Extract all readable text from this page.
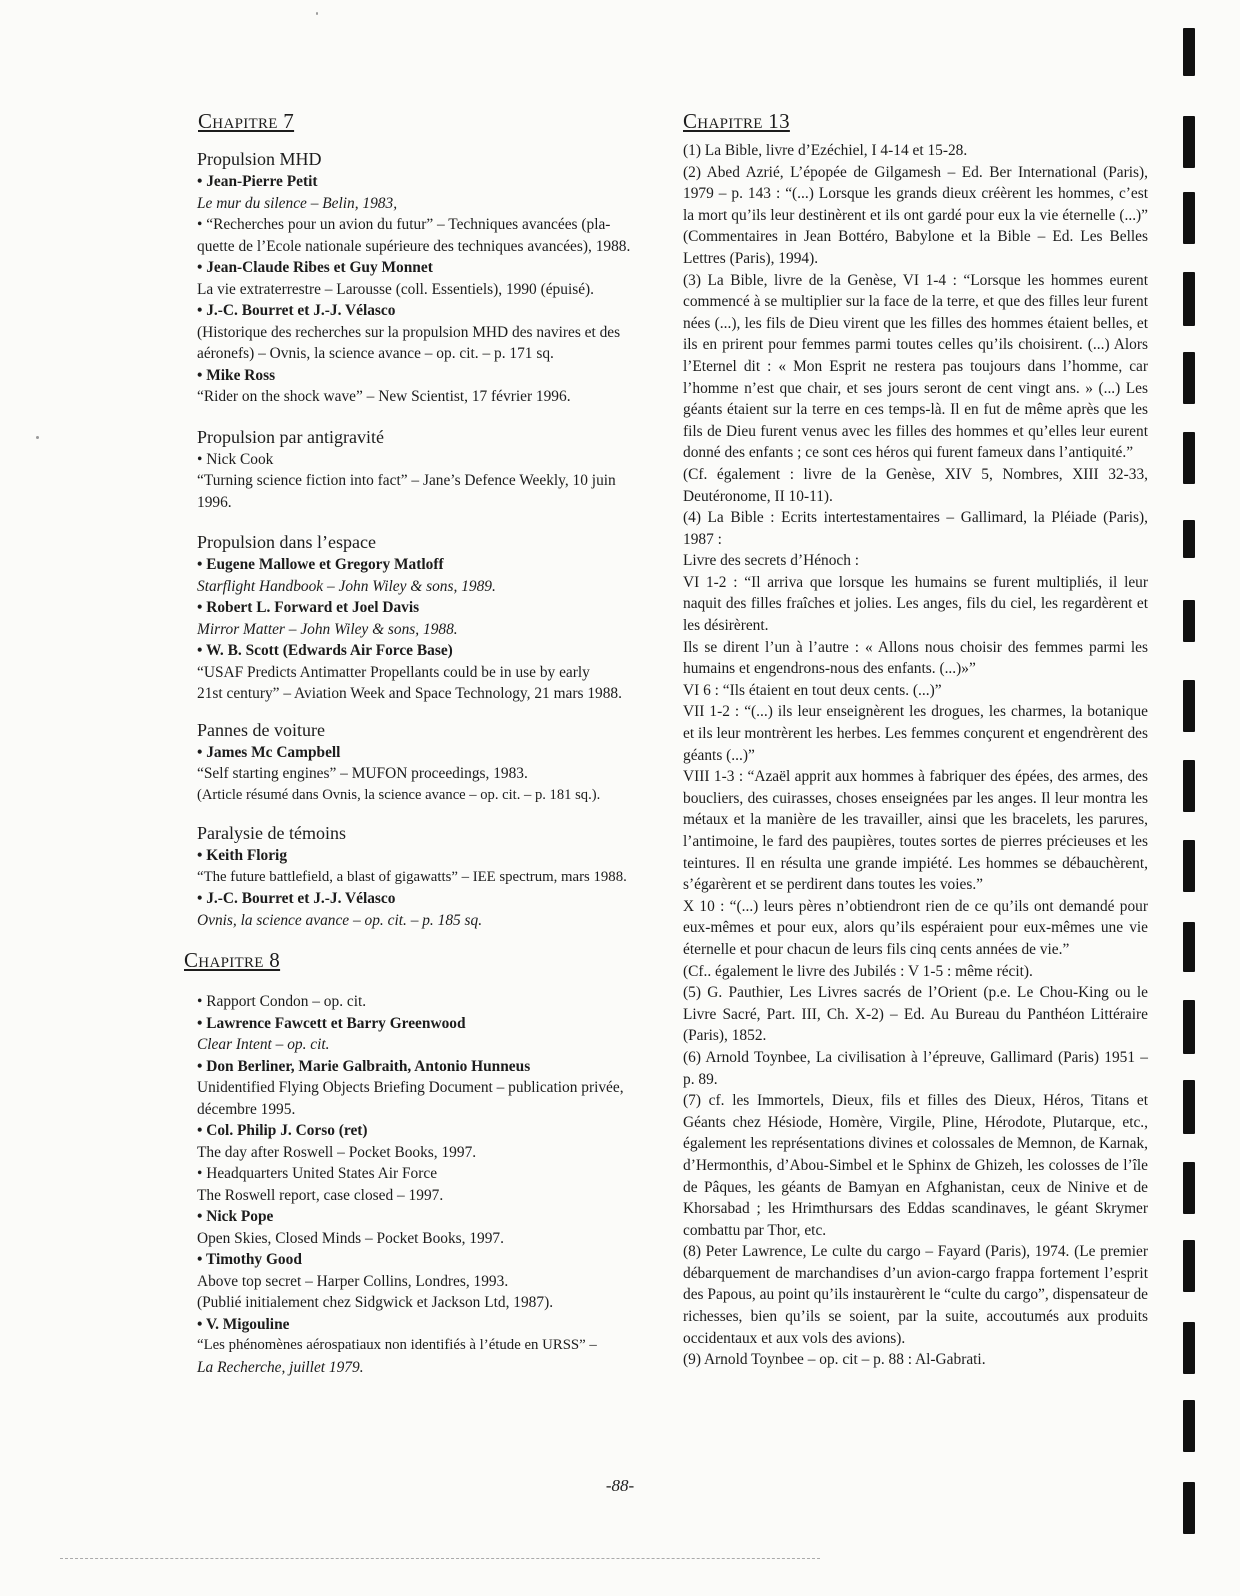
Chapitre 7
Propulsion MHD
• Jean-Pierre Petit
Le mur du silence – Belin, 1983,
• “Recherches pour un avion du futur” – Techniques avancées (pla-
quette de l’Ecole nationale supérieure des techniques avancées), 1988.
• Jean-Claude Ribes et Guy Monnet
La vie extraterrestre – Larousse (coll. Essentiels), 1990 (épuisé).
• J.-C. Bourret et J.-J. Vélasco
(Historique des recherches sur la propulsion MHD des navires et des
aéronefs) – Ovnis, la science avance – op. cit. – p. 171 sq.
• Mike Ross
“Rider on the shock wave” – New Scientist, 17 février 1996.
Propulsion par antigravité
• Nick Cook
“Turning science fiction into fact” – Jane’s Defence Weekly, 10 juin
1996.
Propulsion dans l’espace
• Eugene Mallowe et Gregory Matloff
Starflight Handbook – John Wiley & sons, 1989.
• Robert L. Forward et Joel Davis
Mirror Matter – John Wiley & sons, 1988.
• W. B. Scott (Edwards Air Force Base)
“USAF Predicts Antimatter Propellants could be in use by early
21st century” – Aviation Week and Space Technology, 21 mars 1988.
Pannes de voiture
• James Mc Campbell
“Self starting engines” – MUFON proceedings, 1983.
(Article résumé dans Ovnis, la science avance – op. cit. – p. 181 sq.).
Paralysie de témoins
• Keith Florig
“The future battlefield, a blast of gigawatts” – IEE spectrum, mars 1988.
• J.-C. Bourret et J.-J. Vélasco
Ovnis, la science avance – op. cit. – p. 185 sq.
Chapitre 8
• Rapport Condon – op. cit.
• Lawrence Fawcett et Barry Greenwood
Clear Intent – op. cit.
• Don Berliner, Marie Galbraith, Antonio Hunneus
Unidentified Flying Objects Briefing Document – publication privée,
décembre 1995.
• Col. Philip J. Corso (ret)
The day after Roswell – Pocket Books, 1997.
• Headquarters United States Air Force
The Roswell report, case closed – 1997.
• Nick Pope
Open Skies, Closed Minds – Pocket Books, 1997.
• Timothy Good
Above top secret – Harper Collins, Londres, 1993.
(Publié initialement chez Sidgwick et Jackson Ltd, 1987).
• V. Migouline
“Les phénomènes aérospatiaux non identifiés à l’étude en URSS” –
La Recherche, juillet 1979.
Chapitre 13

(1) La Bible, livre d’Ezéchiel, I 4-14 et 15-28.

(2) Abed Azrié, L’épopée de Gilgamesh – Ed. Ber International (Paris), 1979 – p. 143 : “(...) Lorsque les grands dieux créèrent les hommes, c’est la mort qu’ils leur destinèrent et ils ont gardé pour eux la vie éternelle (...)” (Commentaires in Jean Bottéro, Babylone et la Bible – Ed. Les Belles Lettres (Paris), 1994).

(3) La Bible, livre de la Genèse, VI 1-4 : “Lorsque les hommes eurent commencé à se multiplier sur la face de la terre, et que des filles leur furent nées (...), les fils de Dieu virent que les filles des hommes étaient belles, et ils en prirent pour femmes parmi toutes celles qu’ils choisirent. (...) Alors l’Eternel dit : « Mon Esprit ne restera pas toujours dans l’homme, car l’homme n’est que chair, et ses jours seront de cent vingt ans. » (...) Les géants étaient sur la terre en ces temps-là. Il en fut de même après que les fils de Dieu furent venus avec les filles des hommes et qu’elles leur eurent donné des enfants ; ce sont ces héros qui furent fameux dans l’antiquité.”

(Cf. également : livre de la Genèse, XIV 5, Nombres, XIII 32-33, Deutéronome, II 10-11).

(4) La Bible : Ecrits intertestamentaires – Gallimard, la Pléiade (Paris), 1987 :

Livre des secrets d’Hénoch :

VI 1-2 : “Il arriva que lorsque les humains se furent multipliés, il leur naquit des filles fraîches et jolies. Les anges, fils du ciel, les regardèrent et les désirèrent.

Ils se dirent l’un à l’autre : « Allons nous choisir des femmes parmi les humains et engendrons-nous des enfants. (...)»”

VI 6 : “Ils étaient en tout deux cents. (...)”

VII 1-2 : “(...) ils leur enseignèrent les drogues, les charmes, la botanique et ils leur montrèrent les herbes. Les femmes conçurent et engendrèrent des géants (...)”

VIII 1-3 : “Azaël apprit aux hommes à fabriquer des épées, des armes, des boucliers, des cuirasses, choses enseignées par les anges. Il leur montra les métaux et la manière de les travailler, ainsi que les bracelets, les parures, l’antimoine, le fard des paupières, toutes sortes de pierres précieuses et les teintures. Il en résulta une grande impiété. Les hommes se débauchèrent, s’égarèrent et se perdirent dans toutes les voies.”

X 10 : “(...) leurs pères n’obtiendront rien de ce qu’ils ont demandé pour eux-mêmes et pour eux, alors qu’ils espéraient pour eux-mêmes une vie éternelle et pour chacun de leurs fils cinq cents années de vie.”

(Cf.. également le livre des Jubilés : V 1-5 : même récit).

(5) G. Pauthier, Les Livres sacrés de l’Orient (p.e. Le Chou-King ou le Livre Sacré, Part. III, Ch. X-2) – Ed. Au Bureau du Panthéon Littéraire (Paris), 1852.

(6) Arnold Toynbee, La civilisation à l’épreuve, Gallimard (Paris) 1951 – p. 89.

(7) cf. les Immortels, Dieux, fils et filles des Dieux, Héros, Titans et Géants chez Hésiode, Homère, Virgile, Pline, Hérodote, Plutarque, etc., également les représentations divines et colossales de Memnon, de Karnak, d’Hermonthis, d’Abou-Simbel et le Sphinx de Ghizeh, les colosses de l’île de Pâques, les géants de Bamyan en Afghanistan, ceux de Ninive et de Khorsabad ; les Hrimthursars des Eddas scandinaves, le géant Skrymer combattu par Thor, etc.

(8) Peter Lawrence, Le culte du cargo – Fayard (Paris), 1974. (Le premier débarquement de marchandises d’un avion-cargo frappa fortement l’esprit des Papous, au point qu’ils instaurèrent le “culte du cargo”, dispensateur de richesses, bien qu’ils se soient, par la suite, accoutumés aux produits occidentaux et aux vols des avions).

(9) Arnold Toynbee – op. cit – p. 88 : Al-Gabrati.

-88-
